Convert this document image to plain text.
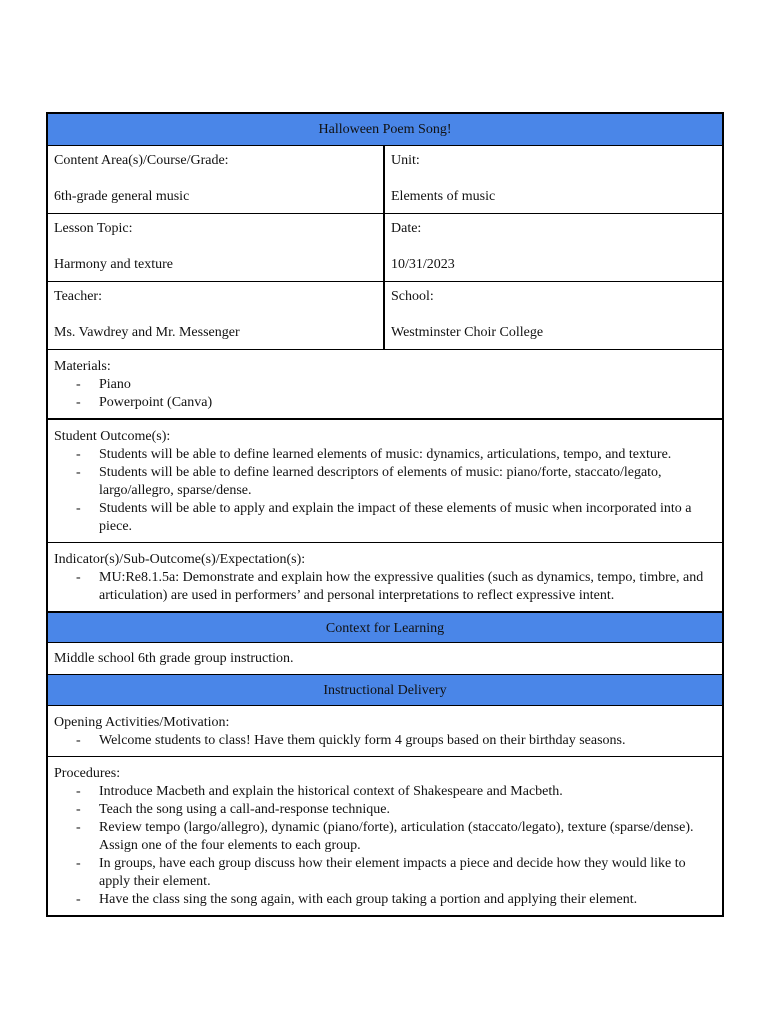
Halloween Poem Song!
Content Area(s)/Course/Grade:
6th-grade general music
Unit:
Elements of music
Lesson Topic:
Harmony and texture
Date:
10/31/2023
Teacher:
Ms. Vawdrey and Mr. Messenger
School:
Westminster Choir College
Materials:
- Piano
- Powerpoint (Canva)
Student Outcome(s):
- Students will be able to define learned elements of music: dynamics, articulations, tempo, and texture.
- Students will be able to define learned descriptors of elements of music: piano/forte, staccato/legato, largo/allegro, sparse/dense.
- Students will be able to apply and explain the impact of these elements of music when incorporated into a piece.
Indicator(s)/Sub-Outcome(s)/Expectation(s):
- MU:Re8.1.5a: Demonstrate and explain how the expressive qualities (such as dynamics, tempo, timbre, and articulation) are used in performers’ and personal interpretations to reflect expressive intent.
Context for Learning
Middle school 6th grade group instruction.
Instructional Delivery
Opening Activities/Motivation:
- Welcome students to class! Have them quickly form 4 groups based on their birthday seasons.
Procedures:
- Introduce Macbeth and explain the historical context of Shakespeare and Macbeth.
- Teach the song using a call-and-response technique.
- Review tempo (largo/allegro), dynamic (piano/forte), articulation (staccato/legato), texture (sparse/dense). Assign one of the four elements to each group.
- In groups, have each group discuss how their element impacts a piece and decide how they would like to apply their element.
- Have the class sing the song again, with each group taking a portion and applying their element.
